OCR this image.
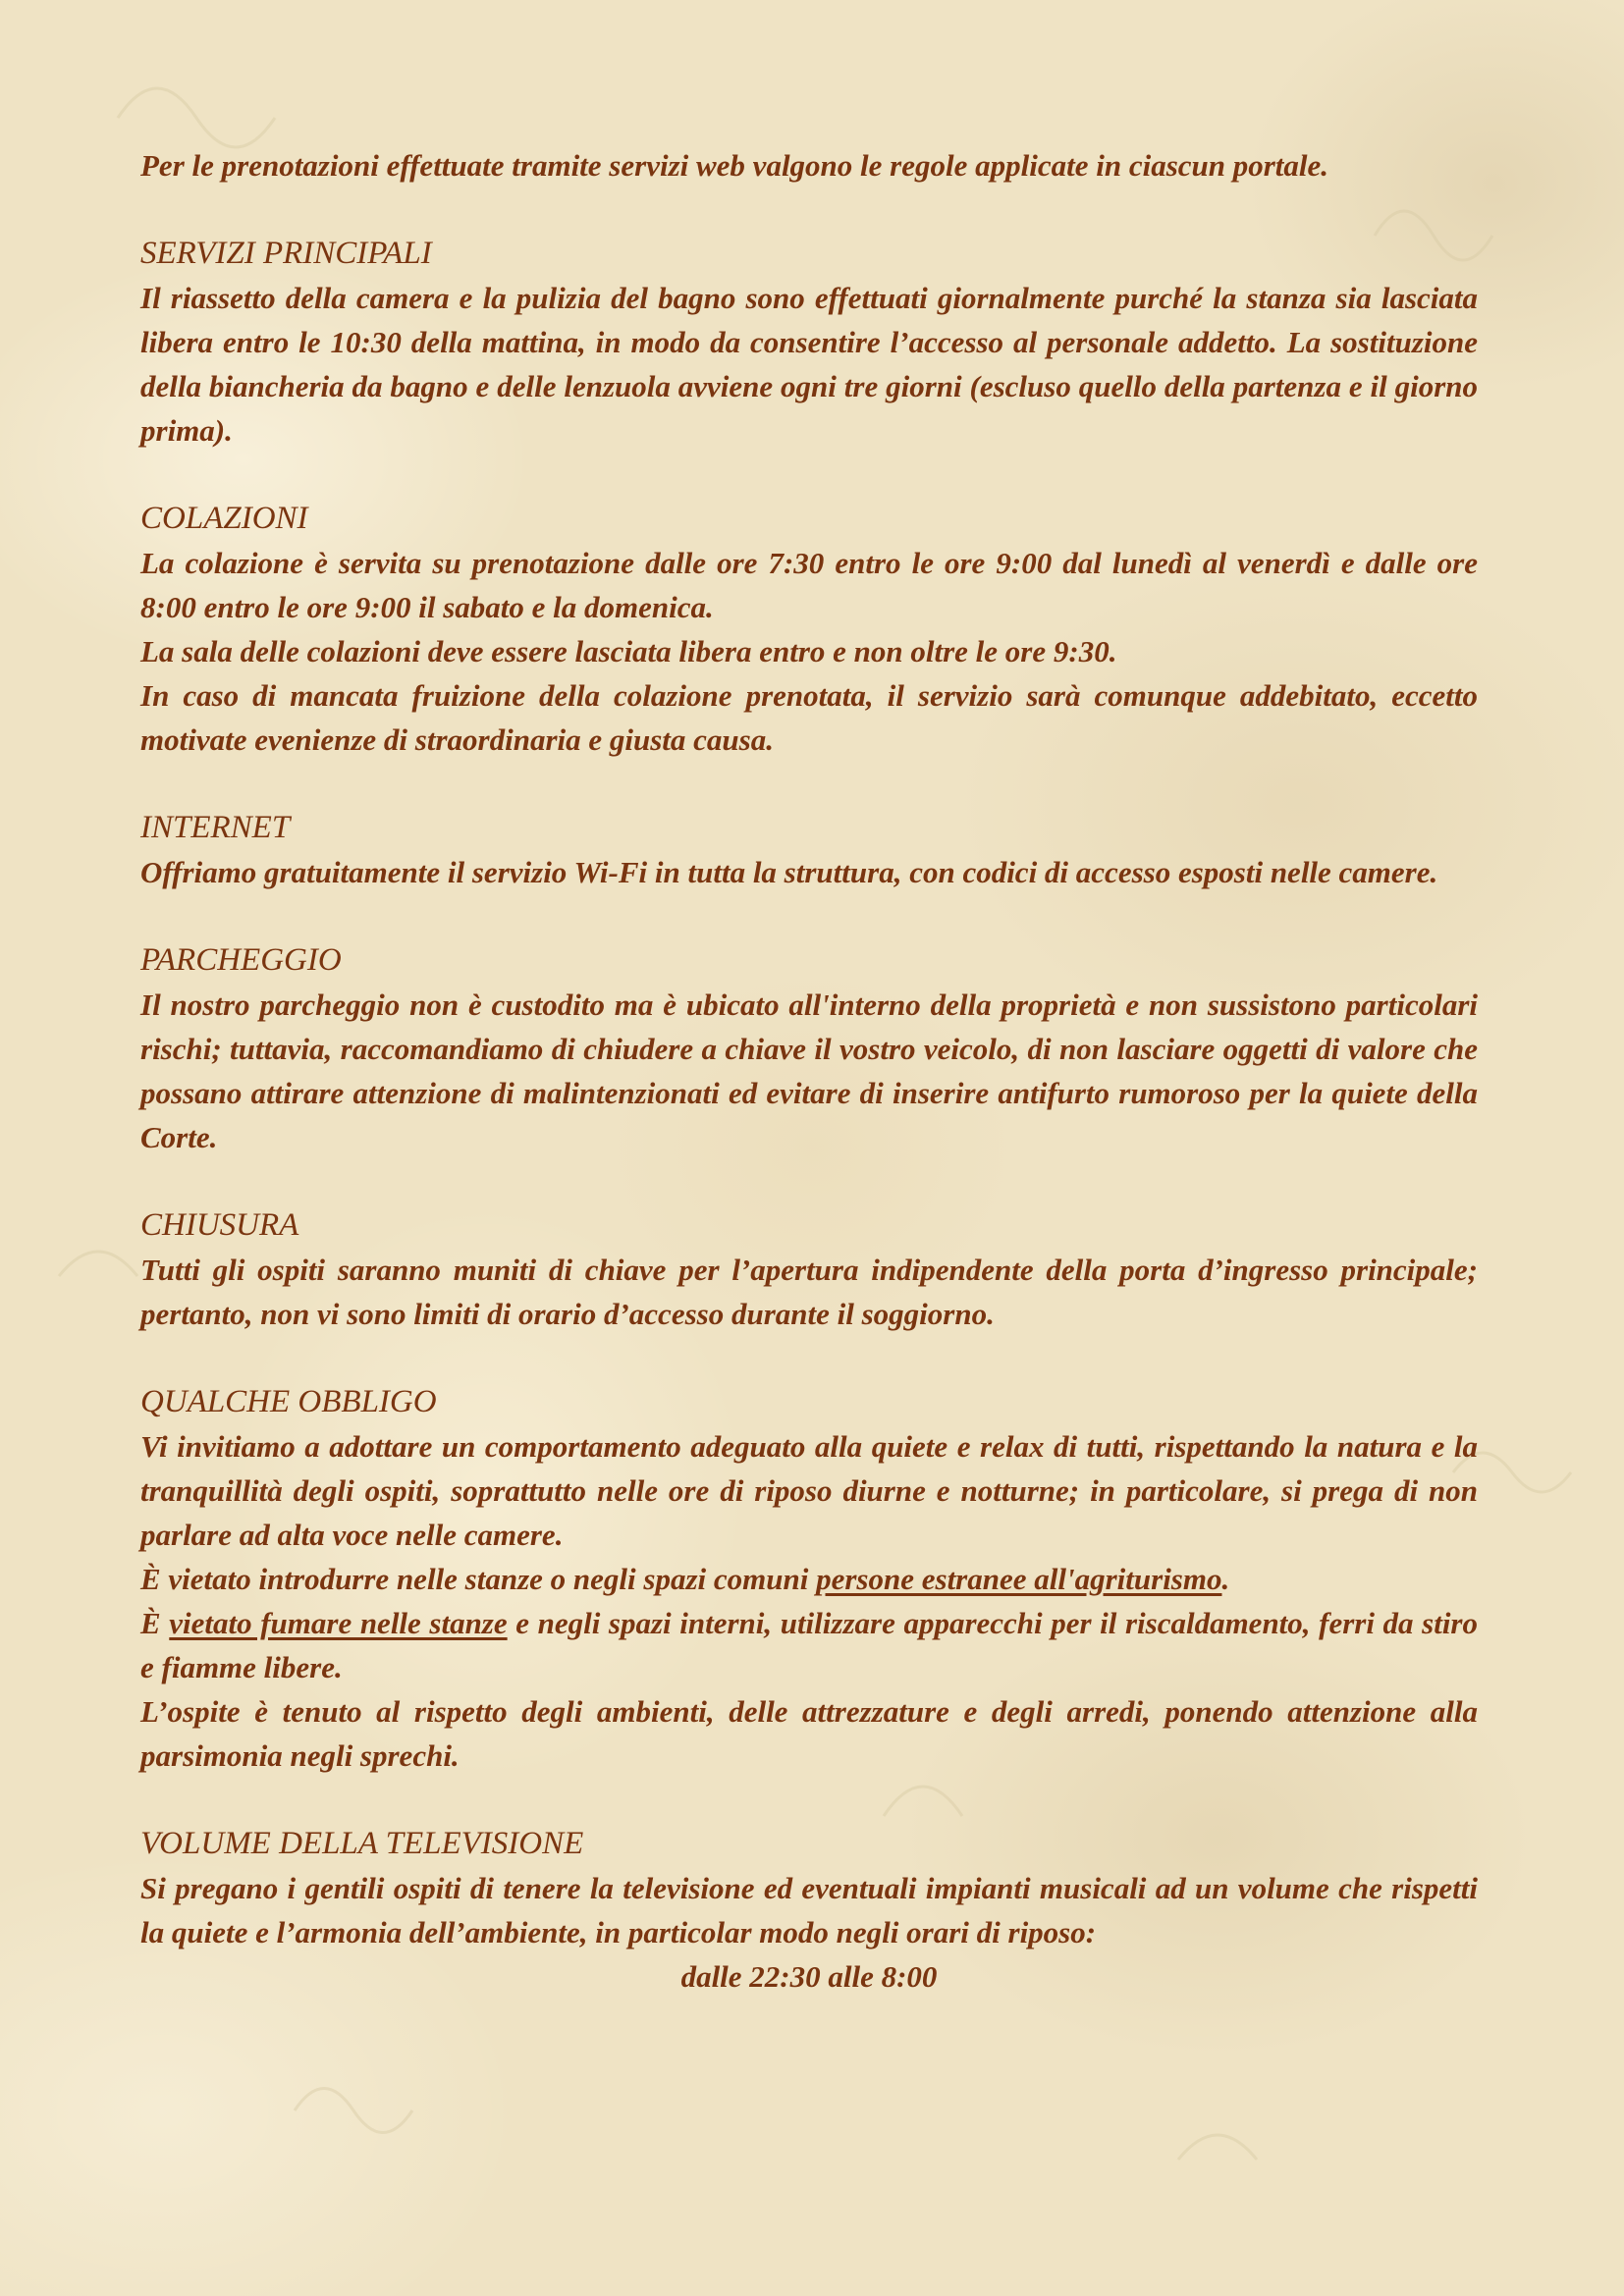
Per le prenotazioni effettuate tramite servizi web valgono le regole applicate in ciascun portale.

SERVIZI PRINCIPALI

Il riassetto della camera e la pulizia del bagno sono effettuati giornalmente purché la stanza sia lasciata libera entro le 10:30 della mattina, in modo da consentire l’accesso al personale addetto. La sostituzione della biancheria da bagno e delle lenzuola avviene ogni tre giorni (escluso quello della partenza e il giorno prima).

COLAZIONI

La colazione è servita su prenotazione dalle ore 7:30 entro le ore 9:00 dal lunedì al venerdì e dalle ore 8:00 entro le ore 9:00 il sabato e la domenica.

La sala delle colazioni deve essere lasciata libera entro e non oltre le ore 9:30.

In caso di mancata fruizione della colazione prenotata, il servizio sarà comunque addebitato, eccetto motivate evenienze di straordinaria e giusta causa.

INTERNET

Offriamo gratuitamente il servizio Wi-Fi in tutta la struttura, con codici di accesso esposti nelle camere.

PARCHEGGIO

Il nostro parcheggio non è custodito ma è ubicato all'interno della proprietà e non sussistono particolari rischi; tuttavia, raccomandiamo di chiudere a chiave il vostro veicolo, di non lasciare oggetti di valore che possano attirare attenzione di malintenzionati ed evitare di inserire antifurto rumoroso per la quiete della Corte.

CHIUSURA

Tutti gli ospiti saranno muniti di chiave per l’apertura indipendente della porta d’ingresso principale; pertanto, non vi sono limiti di orario d’accesso durante il soggiorno.

QUALCHE OBBLIGO

Vi invitiamo a adottare un comportamento adeguato alla quiete e relax di tutti, rispettando la natura e la tranquillità degli ospiti, soprattutto nelle ore di riposo diurne e notturne; in particolare, si prega di non parlare ad alta voce nelle camere.

È vietato introdurre nelle stanze o negli spazi comuni persone estranee all'agriturismo.

È vietato fumare nelle stanze e negli spazi interni, utilizzare apparecchi per il riscaldamento, ferri da stiro e fiamme libere.

L’ospite è tenuto al rispetto degli ambienti, delle attrezzature e degli arredi, ponendo attenzione alla parsimonia negli sprechi.

VOLUME DELLA TELEVISIONE

Si pregano i gentili ospiti di tenere la televisione ed eventuali impianti musicali ad un volume che rispetti la quiete e l’armonia dell’ambiente, in particolar modo negli orari di riposo:

dalle 22:30 alle 8:00
